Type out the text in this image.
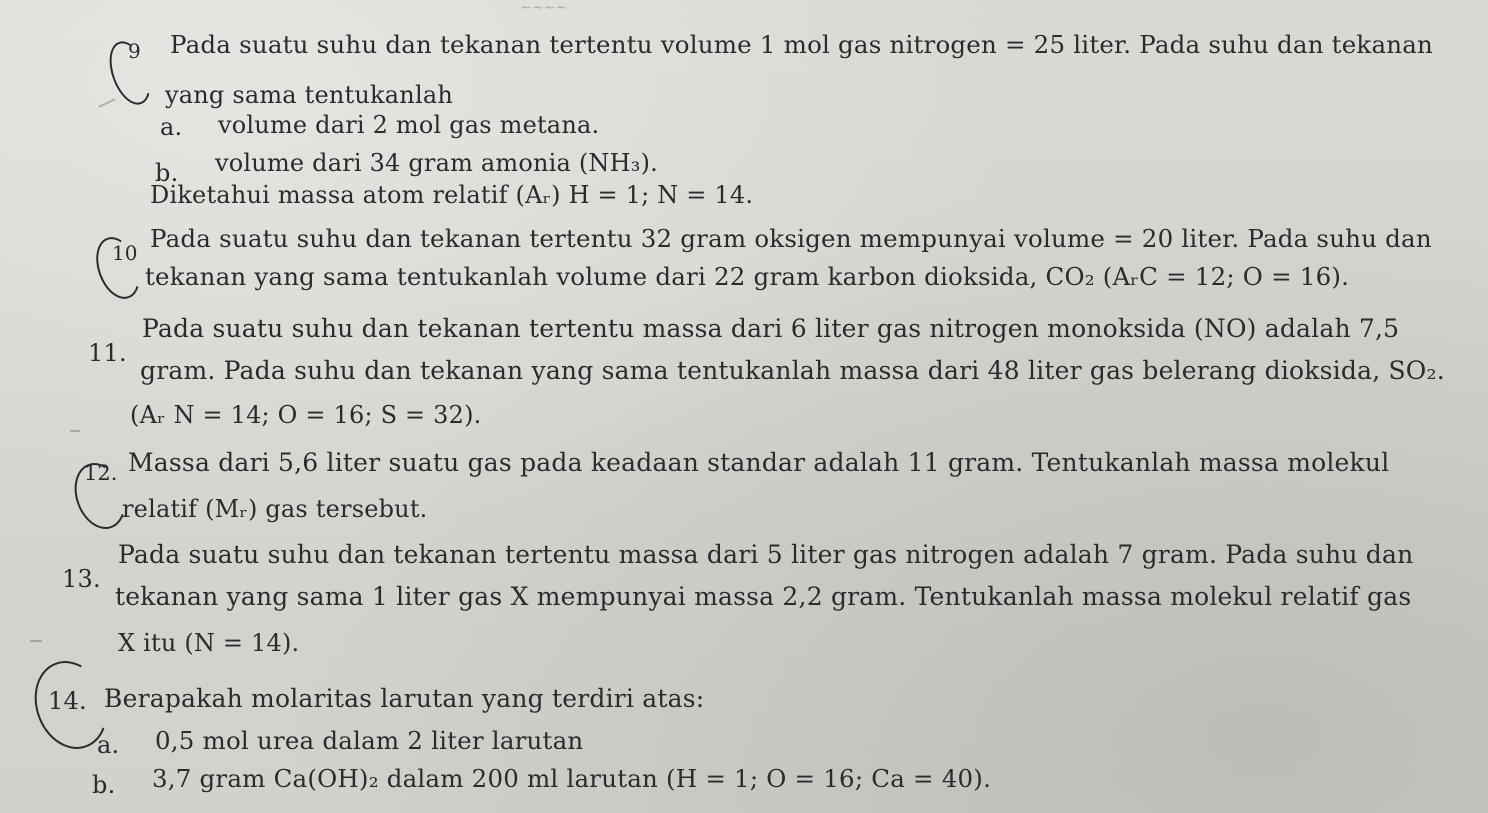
~~~~
9 Pada suatu suhu dan tekanan tertentu volume 1 mol gas nitrogen = 25 liter. Pada suhu dan tekanan
yang sama tentukanlah
a. volume dari 2 mol gas metana.
b. volume dari 34 gram amonia (NH₃).
Diketahui massa atom relatif (Aᵣ) H = 1; N = 14.
10 Pada suatu suhu dan tekanan tertentu 32 gram oksigen mempunyai volume = 20 liter. Pada suhu dan
tekanan yang sama tentukanlah volume dari 22 gram karbon dioksida, CO₂ (AᵣC = 12; O = 16).
11.
Pada suatu suhu dan tekanan tertentu massa dari 6 liter gas nitrogen monoksida (NO) adalah 7,5
gram. Pada suhu dan tekanan yang sama tentukanlah massa dari 48 liter gas belerang dioksida, SO₂.
(Aᵣ N = 14; O = 16; S = 32).
12. Massa dari 5,6 liter suatu gas pada keadaan standar adalah 11 gram. Tentukanlah massa molekul
relatif (Mᵣ) gas tersebut.
13.
Pada suatu suhu dan tekanan tertentu massa dari 5 liter gas nitrogen adalah 7 gram. Pada suhu dan
tekanan yang sama 1 liter gas X mempunyai massa 2,2 gram. Tentukanlah massa molekul relatif gas
X itu (N = 14).
14. Berapakah molaritas larutan yang terdiri atas:
a. 0,5 mol urea dalam 2 liter larutan
b. 3,7 gram Ca(OH)₂ dalam 200 ml larutan (H = 1; O = 16; Ca = 40).
